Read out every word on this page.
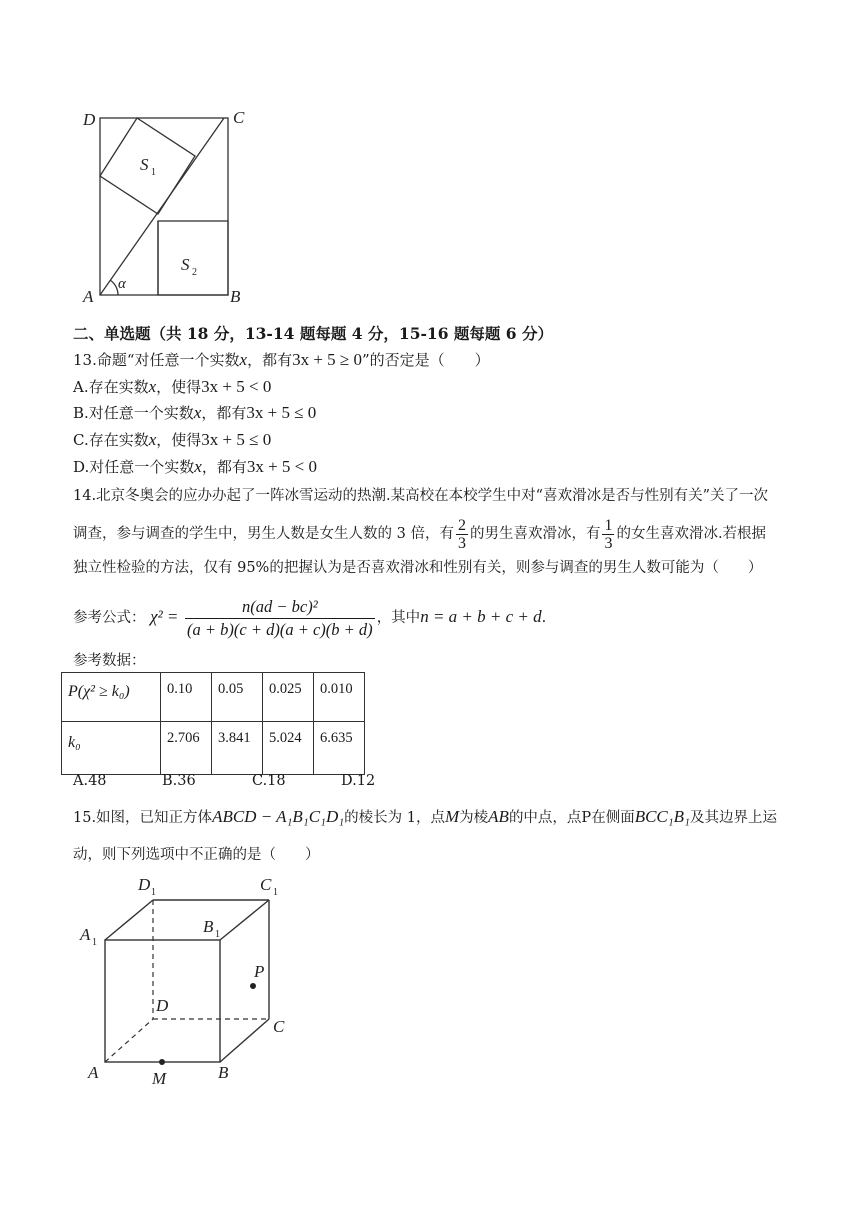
D	C
A	B
S 1
S 2
α
二、单选题（共 18 分，13-14 题每题 4 分，15-16 题每题 6 分）
13.命题“对任意一个实数x，都有3x + 5 ≥ 0”的否定是（　　）
A.存在实数x，使得3x + 5 < 0
B.对任意一个实数x，都有3x + 5 ≤ 0
C.存在实数x，使得3x + 5 ≤ 0
D.对任意一个实数x，都有3x + 5 < 0
14.北京冬奥会的应办办起了一阵冰雪运动的热潮.某高校在本校学生中对“喜欢滑冰是否与性别有关”关了一次
调查，参与调查的学生中，男生人数是女生人数的 3 倍，有 $\frac{2}{3}$ 的男生喜欢滑冰，有 $\frac{1}{3}$ 的女生喜欢滑冰.若根据
独立性检验的方法，仅有 95%的把握认为是否喜欢滑冰和性别有关，则参与调查的男生人数可能为（　　）
参考公式： $\chi^2 = \frac{\text{n(ad − bc)²}}{(a + b)(c + d)(a + c)(b + d)}$ ，其中n = a + b + c + d.
参考数据：
P(χ² ≥ k₀)	0.10	0.05	0.025	0.010
k₀	2.706	3.841	5.024	6.635
A.48	B.36	C.18	D.12
15.如图，已知正方体ABCD − A₁B₁C₁D₁的棱长为 1，点M为棱AB的中点，点P在侧面BCC₁B₁及其边界上运
动，则下列选项中不正确的是（　　）
D 1	C 1
A 1
B 1
P
D
C
A	M	B
